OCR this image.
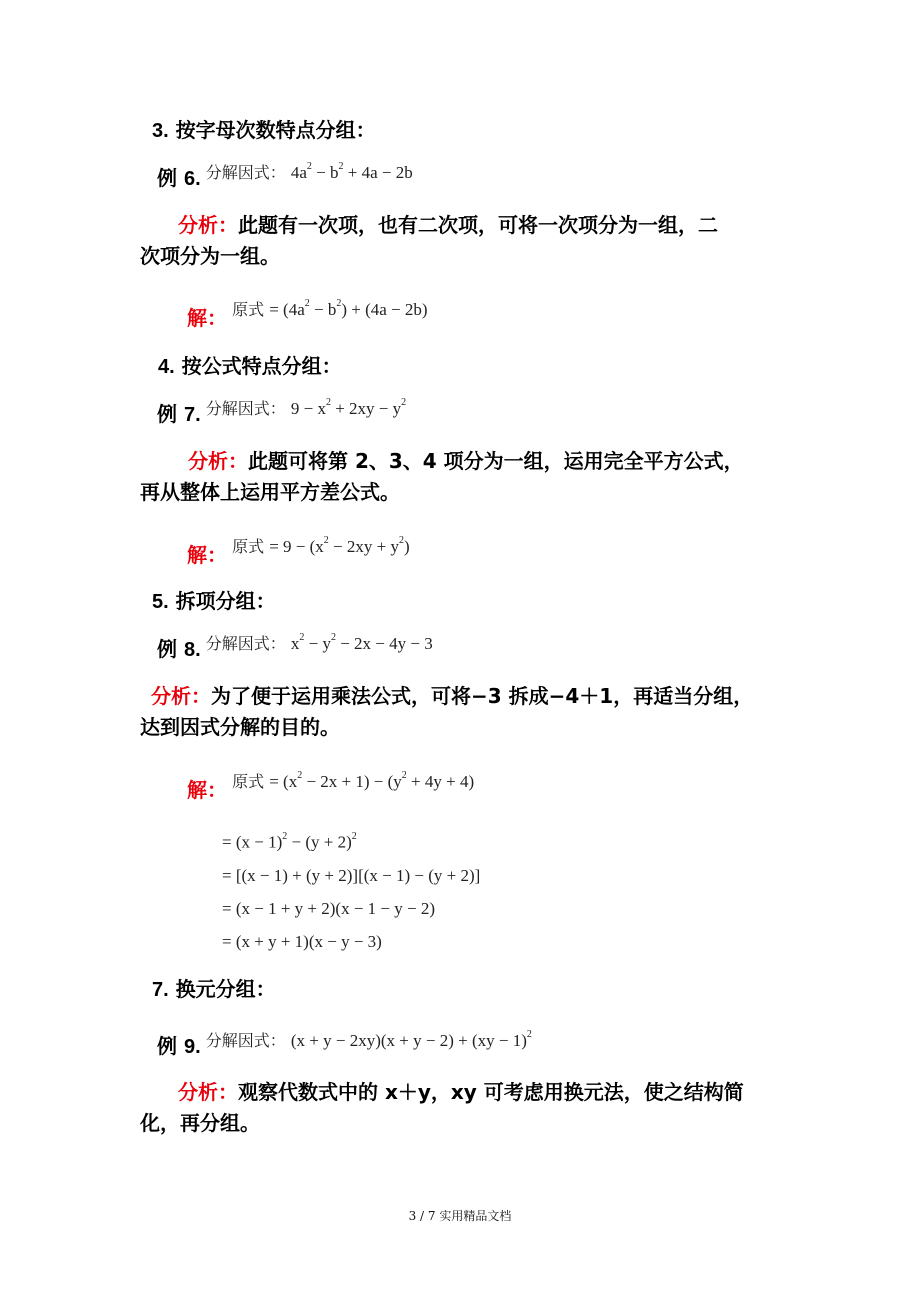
3. 按字母次数特点分组：
例 6. 分解因式： $4a^2 - b^2 + 4a - 2b$
分析：此题有一次项，也有二次项，可将一次项分为一组，二
次项分为一组。
解： 原式 = $(4a^2 - b^2) + (4a - 2b)$
4. 按公式特点分组：
例 7. 分解因式： $9 - x^2 + 2xy - y^2$
分析：此题可将第 2、3、4 项分为一组，运用完全平方公式，
再从整体上运用平方差公式。
解： 原式 = $9 - (x^2 - 2xy + y^2)$
5. 拆项分组：
例 8. 分解因式： $x^2 - y^2 - 2x - 4y - 3$
分析：为了便于运用乘法公式，可将−3 拆成−4＋1，再适当分组，
达到因式分解的目的。
解： 原式 = $(x^2 - 2x + 1) - (y^2 + 4y + 4)$
= $(x - 1)^2 - (y + 2)^2$
= [(x − 1) + (y + 2)][(x − 1) − (y + 2)]
= (x − 1 + y + 2)(x − 1 − y − 2)
= (x + y + 1)(x − y − 3)
7. 换元分组：
例 9. 分解因式： (x + y − 2xy)(x + y − 2) + (xy − 1)$^2$
分析：观察代数式中的 x＋y，xy 可考虑用换元法，使之结构简
化，再分组。
3 / 7 实用精品文档
